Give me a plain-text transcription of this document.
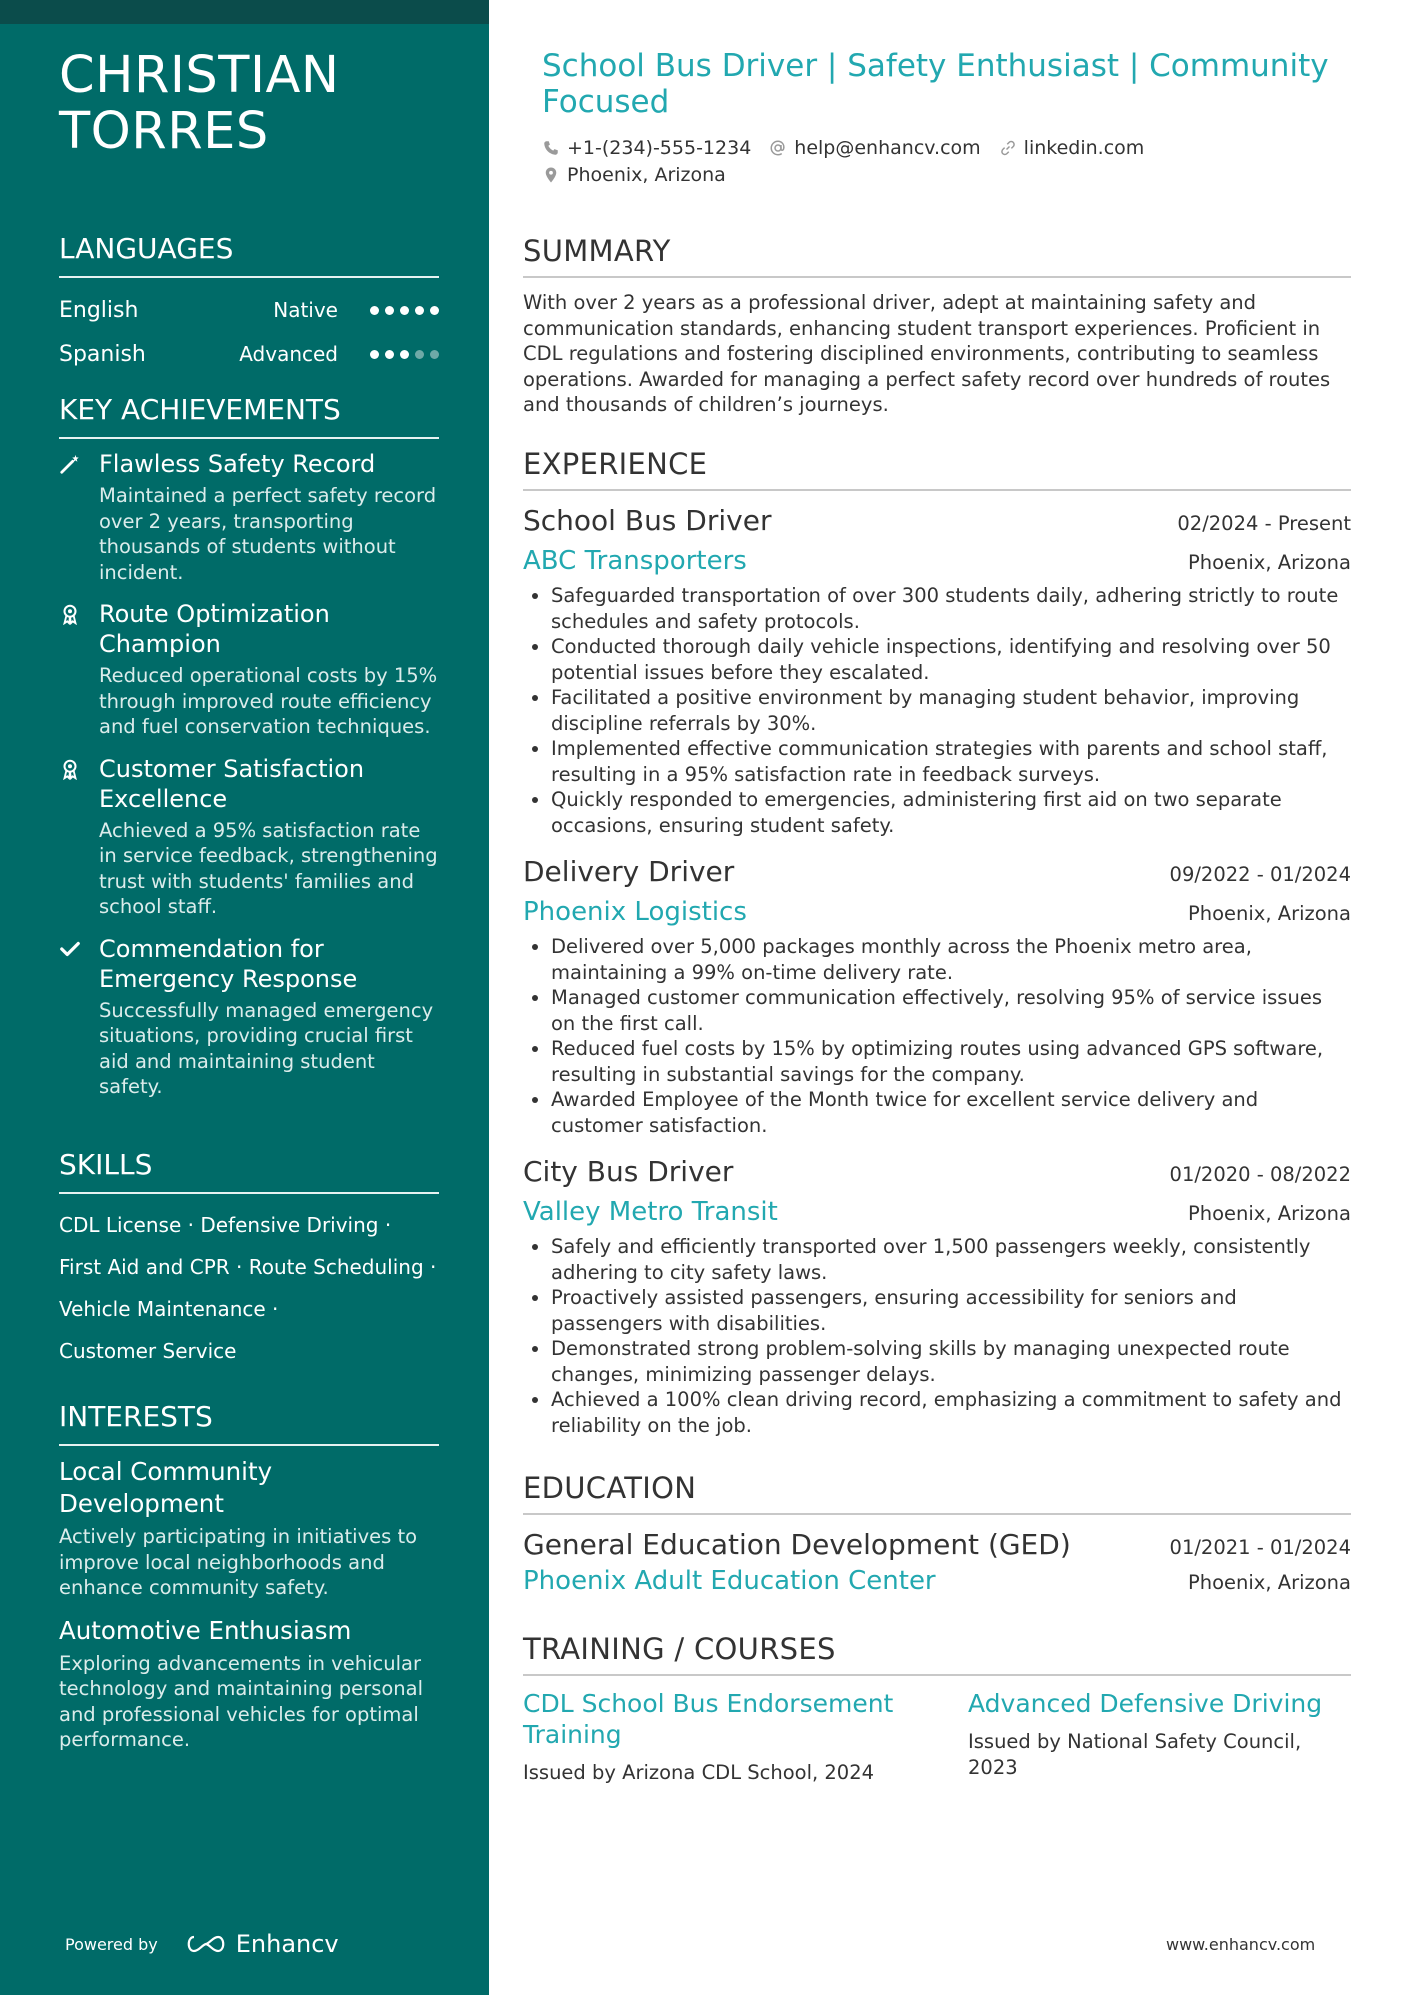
CHRISTIAN
TORRES
LANGUAGES
English	Native
Spanish	Advanced
KEY ACHIEVEMENTS
Flawless Safety Record
Maintained a perfect safety record over 2 years, transporting thousands of students without incident.
Route Optimization Champion
Reduced operational costs by 15% through improved route efficiency and fuel conservation techniques.
Customer Satisfaction Excellence
Achieved a 95% satisfaction rate in service feedback, strengthening trust with students' families and school staff.
Commendation for Emergency Response
Successfully managed emergency situations, providing crucial first aid and maintaining student safety.
SKILLS
CDL License · Defensive Driving ·
First Aid and CPR · Route Scheduling ·
Vehicle Maintenance ·
Customer Service
INTERESTS
Local Community Development
Actively participating in initiatives to improve local neighborhoods and enhance community safety.
Automotive Enthusiasm
Exploring advancements in vehicular technology and maintaining personal and professional vehicles for optimal performance.
Powered by	Enhancv
School Bus Driver | Safety Enthusiast | Community Focused
+1-(234)-555-1234 help@enhancv.com linkedin.com
Phoenix, Arizona
SUMMARY
With over 2 years as a professional driver, adept at maintaining safety and communication standards, enhancing student transport experiences. Proficient in CDL regulations and fostering disciplined environments, contributing to seamless operations. Awarded for managing a perfect safety record over hundreds of routes and thousands of children’s journeys.
EXPERIENCE
School Bus Driver	02/2024 - Present
ABC Transporters	Phoenix, Arizona
• Safeguarded transportation of over 300 students daily, adhering strictly to route schedules and safety protocols.
• Conducted thorough daily vehicle inspections, identifying and resolving over 50 potential issues before they escalated.
• Facilitated a positive environment by managing student behavior, improving discipline referrals by 30%.
• Implemented effective communication strategies with parents and school staff, resulting in a 95% satisfaction rate in feedback surveys.
• Quickly responded to emergencies, administering first aid on two separate occasions, ensuring student safety.
Delivery Driver	09/2022 - 01/2024
Phoenix Logistics	Phoenix, Arizona
• Delivered over 5,000 packages monthly across the Phoenix metro area, maintaining a 99% on-time delivery rate.
• Managed customer communication effectively, resolving 95% of service issues on the first call.
• Reduced fuel costs by 15% by optimizing routes using advanced GPS software, resulting in substantial savings for the company.
• Awarded Employee of the Month twice for excellent service delivery and customer satisfaction.
City Bus Driver	01/2020 - 08/2022
Valley Metro Transit	Phoenix, Arizona
• Safely and efficiently transported over 1,500 passengers weekly, consistently adhering to city safety laws.
• Proactively assisted passengers, ensuring accessibility for seniors and passengers with disabilities.
• Demonstrated strong problem-solving skills by managing unexpected route changes, minimizing passenger delays.
• Achieved a 100% clean driving record, emphasizing a commitment to safety and reliability on the job.
EDUCATION
General Education Development (GED)	01/2021 - 01/2024
Phoenix Adult Education Center	Phoenix, Arizona
TRAINING / COURSES
CDL School Bus Endorsement Training
Issued by Arizona CDL School, 2024
Advanced Defensive Driving
Issued by National Safety Council, 2023
www.enhancv.com
